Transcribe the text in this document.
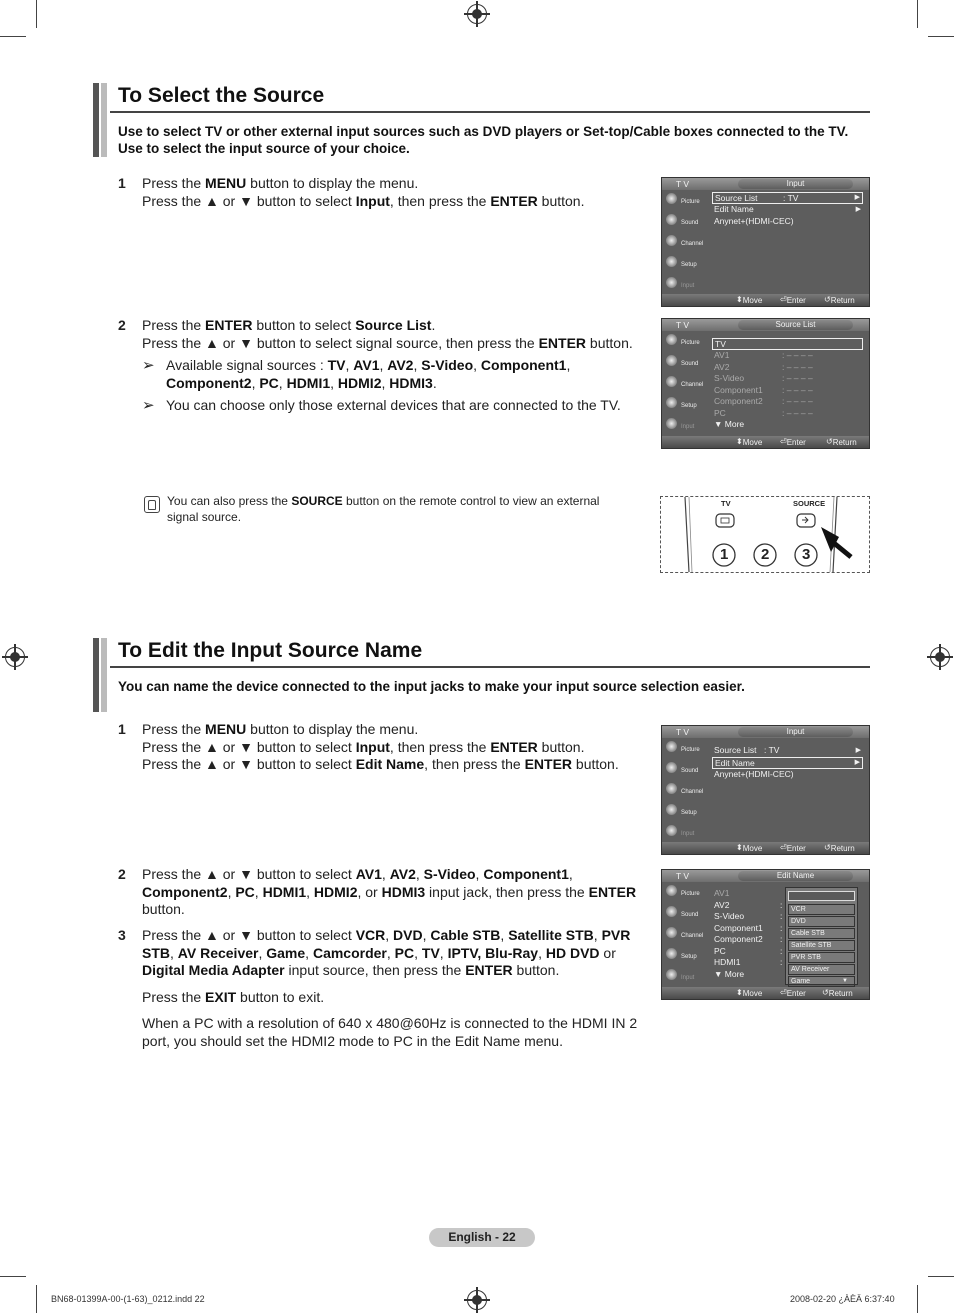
To Select the Source
Use to select TV or other external input sources such as DVD players or Set-top/Cable boxes connected to the TV.
Use to select the input source of your choice.
1 Press the MENU button to display the menu.

Press the ▲ or ▼ button to select Input, then press the ENTER button.

2 Press the ENTER button to select Source List.

Press the ▲ or ▼ button to select signal source, then press the ENTER button.

➢ Available signal sources : TV, AV1, AV2, S-Video, Component1, Component2, PC, HDMI1, HDMI2, HDMI3.
➢ You can choose only those external devices that are connected to the TV.
You can also press the SOURCE button on the remote control to view an external signal source.
T V	Input
Picture
Sound
Channel
Setup
Input
Source List	: TV	▶
Edit Name	▶
Anynet+(HDMI-CEC)
⬍ Move ⏎ Enter ↺ Return
T V	Source List
Picture
Sound
Channel
Setup
Input
TV
AV1	: – – – –
AV2	: – – – –
S-Video	: – – – –
Component1 : – – – –
Component2 : – – – –
PC	: – – – –
▼ More
⬍ Move ⏎ Enter	↺ Return
TV	SOURCE
1 2 3
To Edit the Input Source Name
You can name the device connected to the input jacks to make your input source selection easier.
1 Press the MENU button to display the menu.

Press the ▲ or ▼ button to select Input, then press the ENTER button.

Press the ▲ or ▼ button to select Edit Name, then press the ENTER button.

2 Press the ▲ or ▼ button to select AV1, AV2, S-Video, Component1, Component2, PC, HDMI1, HDMI2, or HDMI3 input jack, then press the ENTER button.

3 Press the ▲ or ▼ button to select VCR, DVD, Cable STB, Satellite STB, PVR STB, AV Receiver, Game, Camcorder, PC, TV, IPTV, Blu-Ray, HD DVD or Digital Media Adapter input source, then press the ENTER button.

Press the EXIT button to exit.

When a PC with a resolution of 640 x 480@60Hz is connected to the HDMI IN 2 port, you should set the HDMI2 mode to PC in the Edit Name menu.

T V	Input
Picture
Sound
Channel
Setup
Input
Source List : TV	▶
Edit Name	▶
Anynet+(HDMI-CEC)
⬍ Move ⏎ Enter ↺ Return
T V	Edit Name
Picture
Sound
Channel
Setup
Input
AV1
AV2	:
S-Video	:
Component1 :
Component2 :
PC	:
HDMI1	:
▼ More
VCR
DVD
Cable STB
Satellite STB
PVR STB
AV Receiver
Game	▼
⬍ Move ⏎ Enter ↺ Return
English - 22
BN68-01399A-00-(1-63)_0212.indd 22	2008-02-20 ¿ÀÈÄ 6:37:40
